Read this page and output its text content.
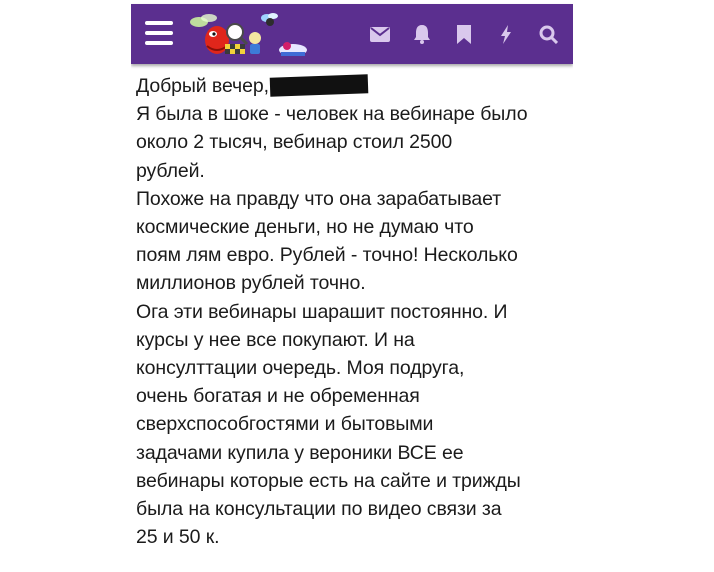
Добрый вечер,

Я была в шоке - человек на вебинаре было
около 2 тысяч, вебинар стоил 2500
рублей.

Похоже на правду что она зарабатывает
космические деньги, но не думаю что
поям лям евро. Рублей - точно! Несколько
миллионов рублей точно.

Ога эти вебинары шарашит постоянно. И
курсы у нее все покупают. И на
консулттации очередь. Моя подруга,
очень богатая и не обременная
сверхспособгостями и бытовыми
задачами купила у вероники ВСЕ ее
вебинары которые есть на сайте и трижды
была на консультации по видео связи за
25 и 50 к.
